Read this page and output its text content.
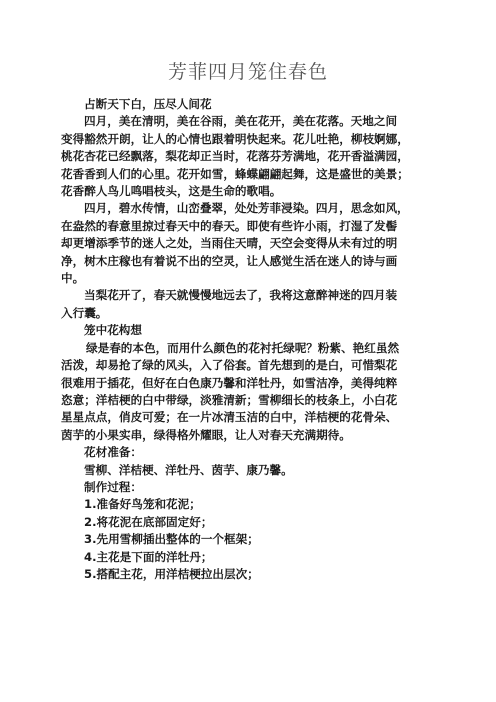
芳菲四月笼住春色
占断天下白，压尽人间花
四月，美在清明，美在谷雨，美在花开，美在花落。天地之间
变得豁然开朗，让人的心情也跟着明快起来。花儿吐艳，柳枝婀娜，
桃花杏花已经飘落，梨花却正当时，花落芬芳满地，花开香溢满园，
花香香到人们的心里。花开如雪，蜂蝶翩翩起舞，这是盛世的美景；
花香醉人鸟儿鸣唱枝头，这是生命的歌唱。
四月，碧水传情，山峦叠翠，处处芳菲浸染。四月，思念如风，
在盎然的春意里掠过春天中的春天。即使有些许小雨，打湿了发髻
却更增添季节的迷人之处，当雨住天晴，天空会变得从未有过的明
净，树木庄稼也有着说不出的空灵，让人感觉生活在迷人的诗与画
中。
当梨花开了，春天就慢慢地远去了，我将这意醉神迷的四月装
入行囊。
笼中花构想
绿是春的本色，而用什么颜色的花衬托绿呢？粉紫、艳红虽然
活泼，却易抢了绿的风头，入了俗套。首先想到的是白，可惜梨花
很难用于插花，但好在白色康乃馨和洋牡丹，如雪洁净，美得纯粹
恣意；洋桔梗的白中带绿，淡雅清新；雪柳细长的枝条上，小白花
星星点点，俏皮可爱；在一片冰清玉洁的白中，洋桔梗的花骨朵、
茵芋的小果实串，绿得格外耀眼，让人对春天充满期待。
花材准备：
雪柳、洋桔梗、洋牡丹、茵芋、康乃馨。
制作过程：
1.准备好鸟笼和花泥；
2.将花泥在底部固定好；
3.先用雪柳插出整体的一个框架；
4.主花是下面的洋牡丹；
5.搭配主花，用洋桔梗拉出层次；
